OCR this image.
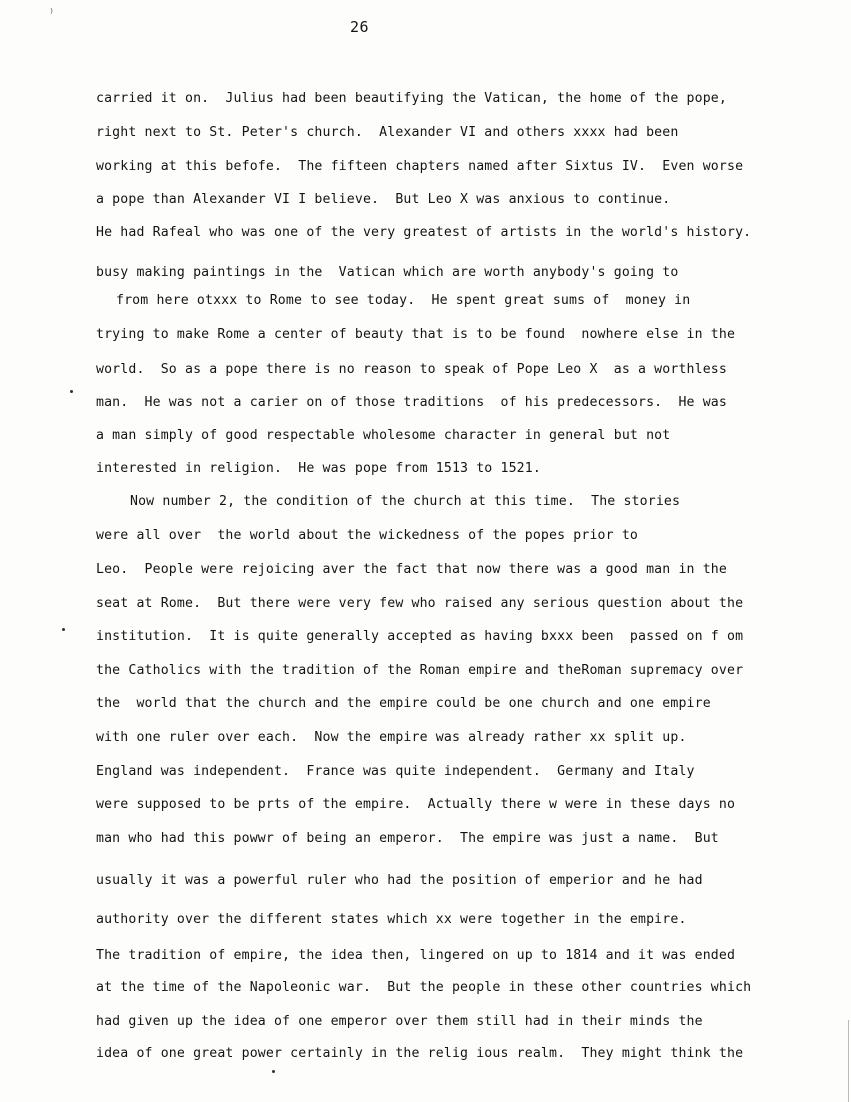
⁾
26
carried it on.  Julius had been beautifying the Vatican, the home of the pope,
right next to St. Peter's church.  Alexander VI and others xxxx had been
working at this befofe.  The fifteen chapters named after Sixtus IV.  Even worse
a pope than Alexander VI I believe.  But Leo X was anxious to continue.
He had Rafeal who was one of the very greatest of artists in the world's history.
busy making paintings in the  Vatican which are worth anybody's going to
from here otxxx to Rome to see today.  He spent great sums of  money in
trying to make Rome a center of beauty that is to be found  nowhere else in the
world.  So as a pope there is no reason to speak of Pope Leo X  as a worthless
man.  He was not a carier on of those traditions  of his predecessors.  He was
a man simply of good respectable wholesome character in general but not
interested in religion.  He was pope from 1513 to 1521.
Now number 2, the condition of the church at this time.  The stories
were all over  the world about the wickedness of the popes prior to
Leo.  People were rejoicing aver the fact that now there was a good man in the
seat at Rome.  But there were very few who raised any serious question about the
institution.  It is quite generally accepted as having bxxx been  passed on f om
the Catholics with the tradition of the Roman empire and theRoman supremacy over
the  world that the church and the empire could be one church and one empire
with one ruler over each.  Now the empire was already rather xx split up.
England was independent.  France was quite independent.  Germany and Italy
were supposed to be prts of the empire.  Actually there w were in these days no
man who had this powwr of being an emperor.  The empire was just a name.  But
usually it was a powerful ruler who had the position of emperior and he had
authority over the different states which xx were together in the empire.
The tradition of empire, the idea then, lingered on up to 1814 and it was ended
at the time of the Napoleonic war.  But the people in these other countries which
had given up the idea of one emperor over them still had in their minds the
idea of one great power certainly in the relig ious realm.  They might think the
